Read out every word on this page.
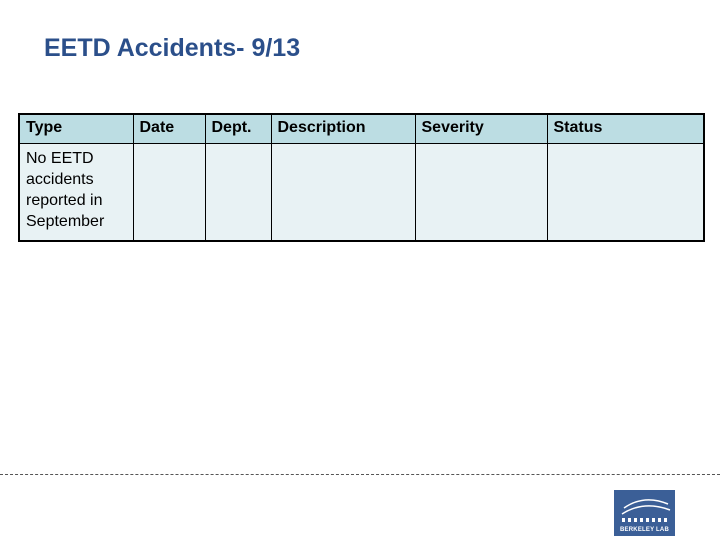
EETD Accidents- 9/13
Type	Date	Dept.	Description	Severity	Status
No EETD accidents reported in September					
BERKELEY LAB
